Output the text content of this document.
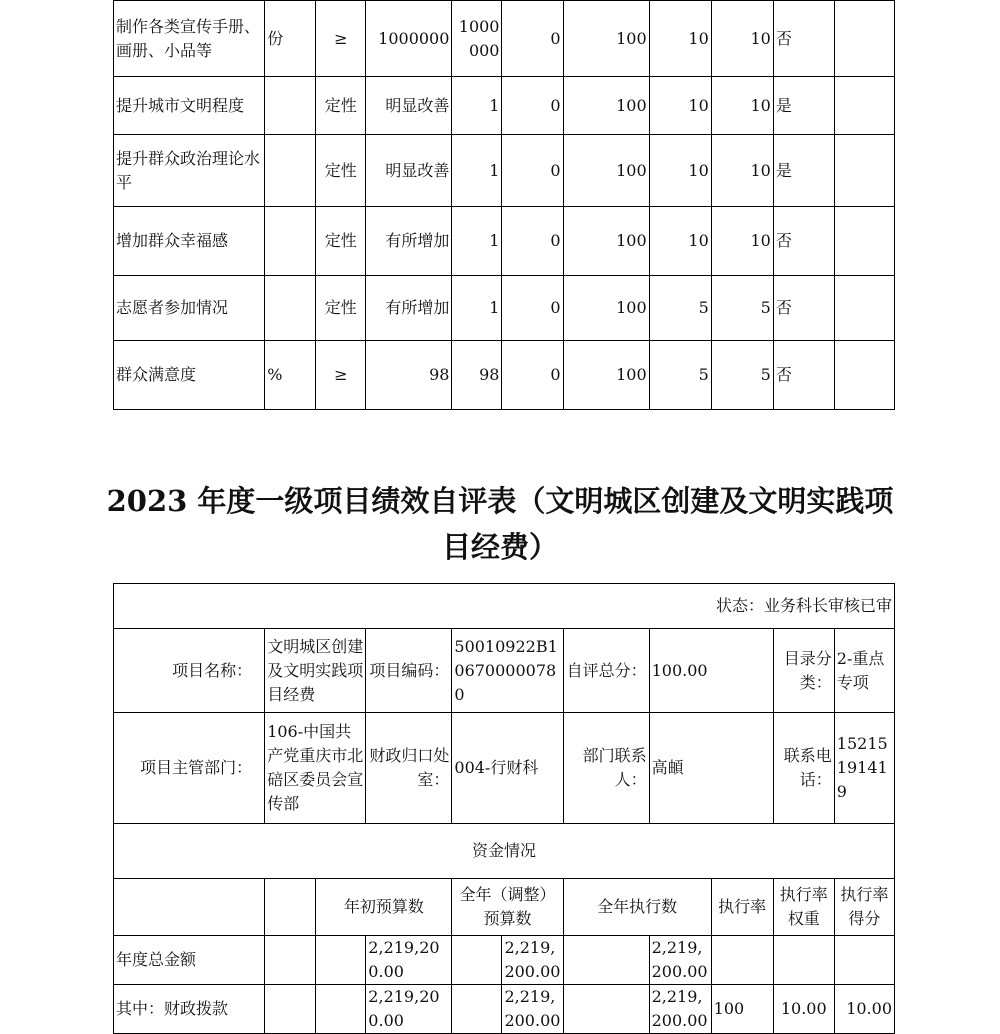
制作各类宣传手册、画册、小品等	份	≥	1000000	1000000	0	100	10	10	否	
提升城市文明程度		定性	明显改善	1	0	100	10	10	是	
提升群众政治理论水平		定性	明显改善	1	0	100	10	10	是	
增加群众幸福感		定性	有所增加	1	0	100	10	10	否	
志愿者参加情况		定性	有所增加	1	0	100	5	5	否	
群众满意度	%	≥	98	98	0	100	5	5	否	
2023 年度一级项目绩效自评表（文明城区创建及文明实践项目经费）
状态：业务科长审核已审										
项目名称：	文明城区创建及文明实践项目经费		项目编码：	50010922B106700000780		自评总分：	100.00		目录分类：	2-重点专项
项目主管部门：	106-中国共产党重庆市北碚区委员会宣传部		财政归口处室：	004-行财科		部门联系人：	高頔		联系电话：	15215191419
资金情况										
		年初预算数		全年（调整）预算数		全年执行数		执行率	执行率权重	执行率得分
年度总金额			2,219,200.00		2,219,200.00		2,219,200.00			
其中：财政拨款			2,219,200.00		2,219,200.00		2,219,200.00	100	10.00	10.00
